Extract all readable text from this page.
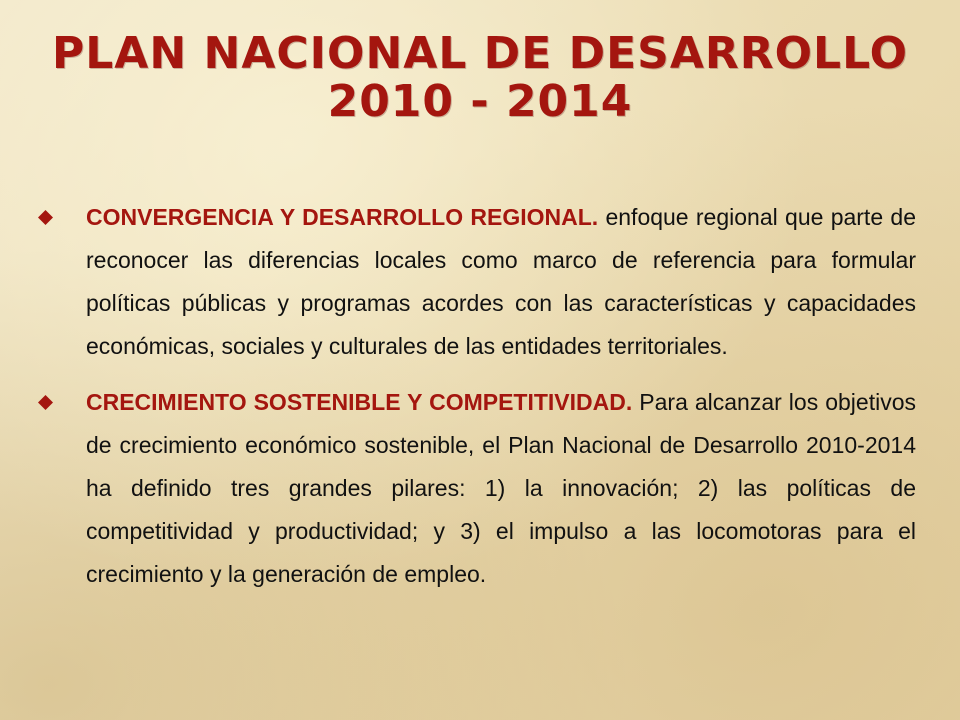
PLAN NACIONAL DE DESARROLLO
2010 - 2014
CONVERGENCIA Y DESARROLLO REGIONAL. enfoque regional que parte de reconocer las diferencias locales como marco de referencia para formular políticas públicas y programas acordes con las características y capacidades económicas, sociales y culturales de las entidades territoriales.
CRECIMIENTO SOSTENIBLE Y COMPETITIVIDAD. Para alcanzar los objetivos de crecimiento económico sostenible, el Plan Nacional de Desarrollo 2010-2014 ha definido tres grandes pilares: 1) la innovación; 2) las políticas de competitividad y productividad; y 3) el impulso a las locomotoras para el crecimiento y la generación de empleo.
